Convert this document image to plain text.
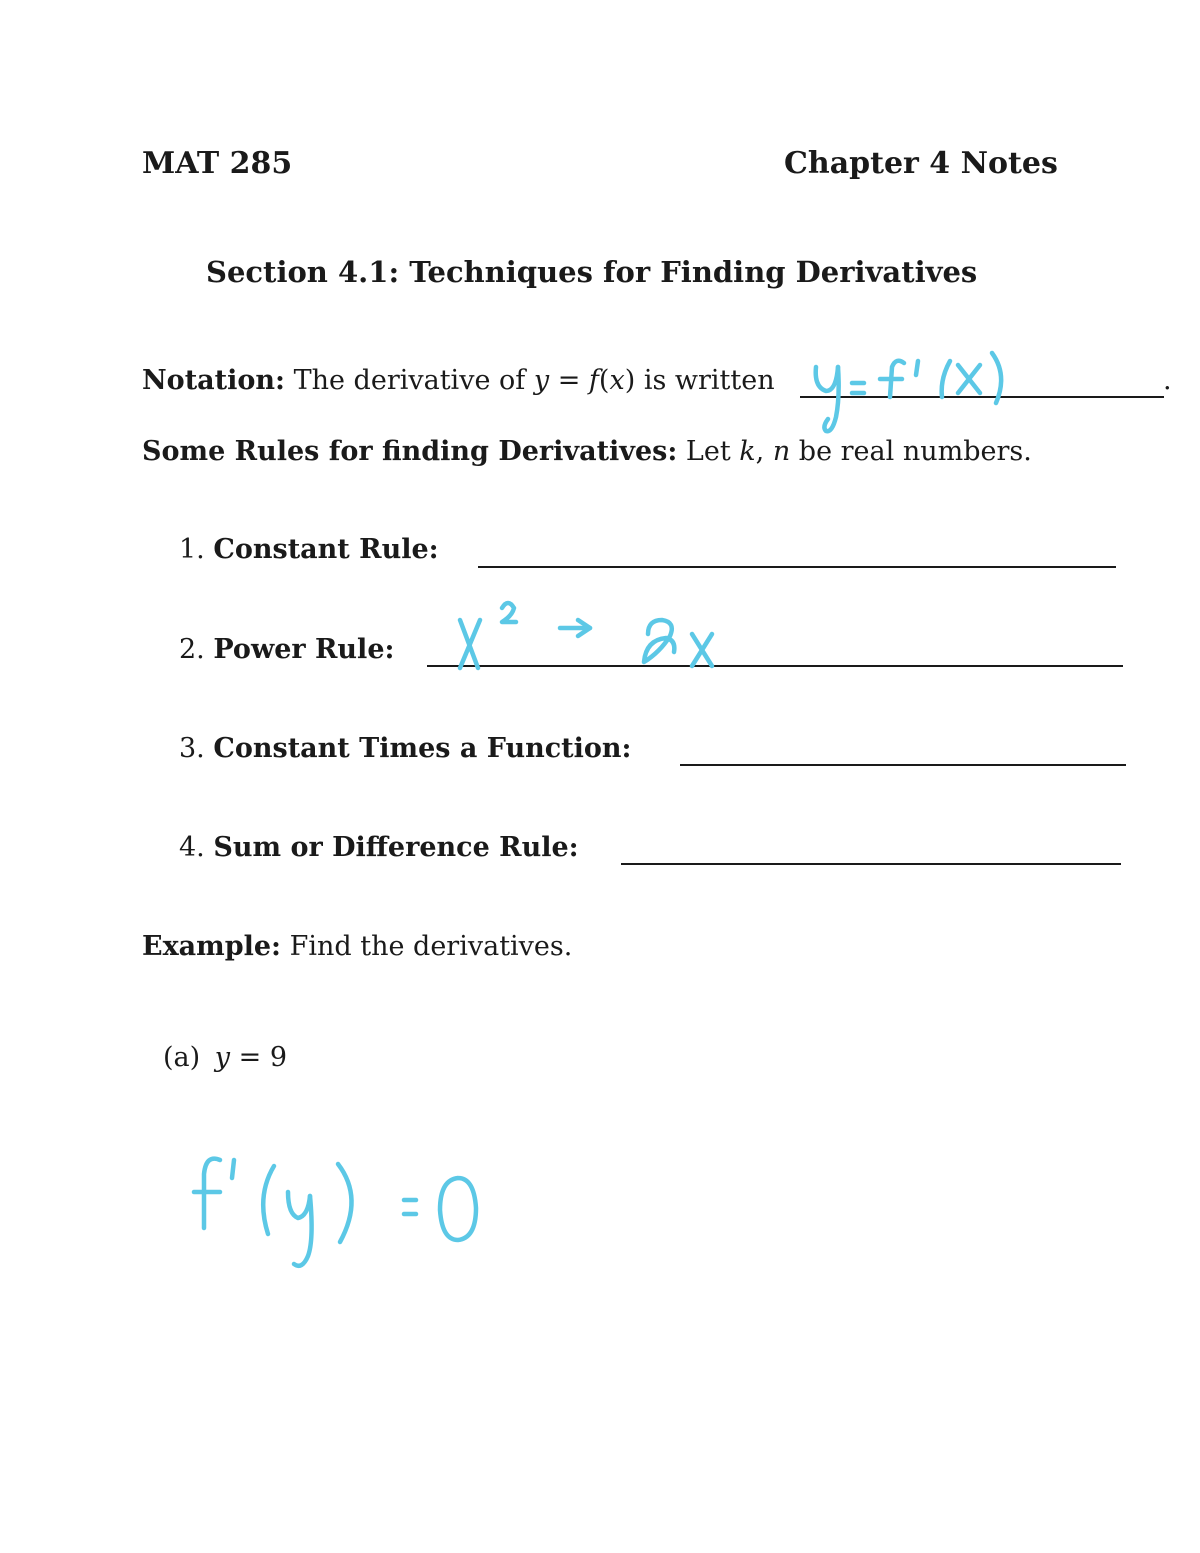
MAT 285	Chapter 4 Notes
Section 4.1: Techniques for Finding Derivatives
Notation: The derivative of y = f(x) is written	.
Some Rules for finding Derivatives: Let k, n be real numbers.
1. Constant Rule:
2. Power Rule:
3. Constant Times a Function:
4. Sum or Difference Rule:
Example: Find the derivatives.
(a) y = 9
